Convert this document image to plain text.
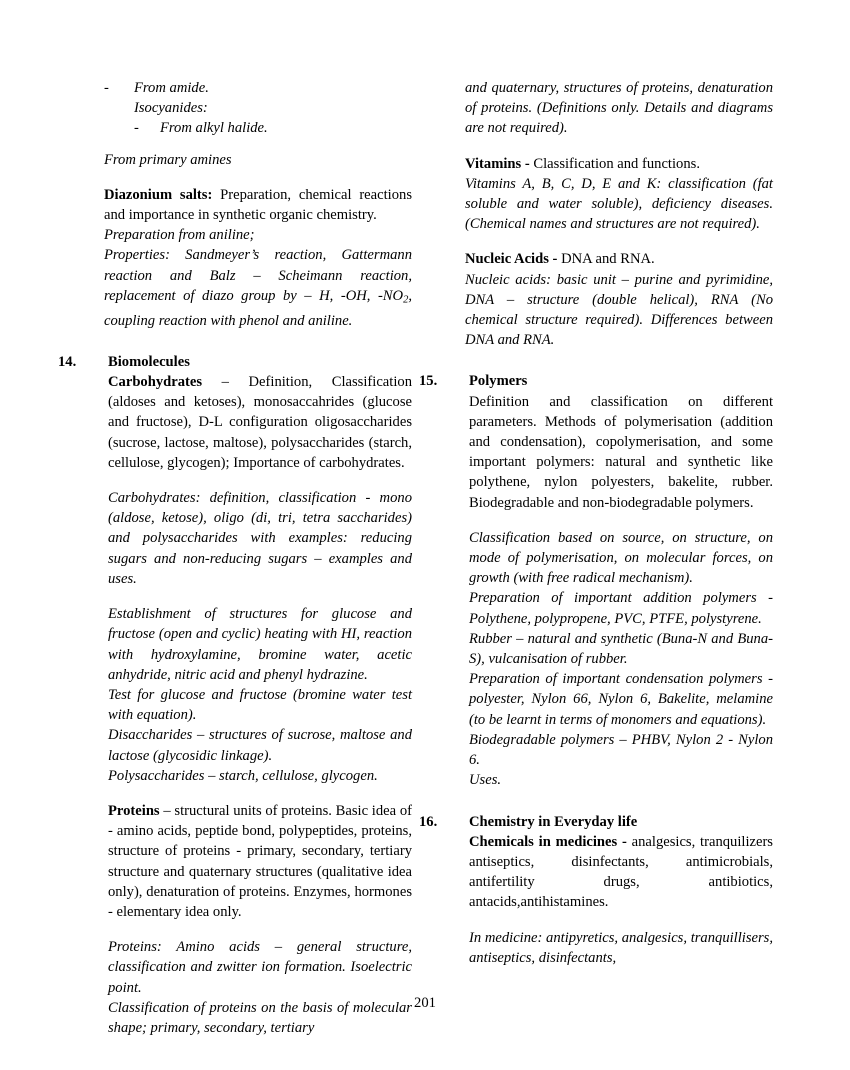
-	From amide.
Isocyanides:
-	From alkyl halide.

From primary amines

Diazonium salts: Preparation, chemical reactions and importance in synthetic organic chemistry.

Preparation from aniline;

Properties: Sandmeyer’s reaction, Gattermann reaction and Balz – Scheimann reaction, replacement of diazo group by – H, -OH, $-NO_2$, coupling reaction with phenol and aniline.

14.	Biomolecules

Carbohydrates – Definition, Classification (aldoses and ketoses), monosaccahrides (glucose and fructose), D-L configuration oligosaccharides (sucrose, lactose, maltose), polysaccharides (starch, cellulose, glycogen); Importance of carbohydrates.

Carbohydrates: definition, classification - mono (aldose, ketose), oligo (di, tri, tetra saccharides) and polysaccharides with examples: reducing sugars and non-reducing sugars – examples and uses.

Establishment of structures for glucose and fructose (open and cyclic) heating with HI, reaction with hydroxylamine, bromine water, acetic anhydride, nitric acid and phenyl hydrazine.

Test for glucose and fructose (bromine water test with equation).

Disaccharides – structures of sucrose, maltose and lactose (glycosidic linkage).

Polysaccharides – starch, cellulose, glycogen.

Proteins – structural units of proteins. Basic idea of - amino acids, peptide bond, polypeptides, proteins, structure of proteins - primary, secondary, tertiary structure and quaternary structures (qualitative idea only), denaturation of proteins. Enzymes, hormones - elementary idea only.

Proteins: Amino acids – general structure, classification and zwitter ion formation. Isoelectric point.

Classification of proteins on the basis of molecular shape; primary, secondary, tertiary

and quaternary, structures of proteins, denaturation of proteins. (Definitions only. Details and diagrams are not required).

Vitamins - Classification and functions.

Vitamins A, B, C, D, E and K: classification (fat soluble and water soluble), deficiency diseases. (Chemical names and structures are not required).

Nucleic Acids - DNA and RNA.

Nucleic acids: basic unit – purine and pyrimidine, DNA – structure (double helical), RNA (No chemical structure required). Differences between DNA and RNA.

15.	Polymers

Definition and classification on different parameters. Methods of polymerisation (addition and condensation), copolymerisation, and some important polymers: natural and synthetic like polythene, nylon polyesters, bakelite, rubber. Biodegradable and non-biodegradable polymers.

Classification based on source, on structure, on mode of polymerisation, on molecular forces, on growth (with free radical mechanism).

Preparation of important addition polymers - Polythene, polypropene, PVC, PTFE, polystyrene.

Rubber – natural and synthetic (Buna-N and Buna-S), vulcanisation of rubber.

Preparation of important condensation polymers - polyester, Nylon 66, Nylon 6, Bakelite, melamine (to be learnt in terms of monomers and equations).

Biodegradable polymers – PHBV, Nylon 2 - Nylon 6.

Uses.

16.	Chemistry in Everyday life

Chemicals in medicines - analgesics, tranquilizers antiseptics, disinfectants, antimicrobials, antifertility drugs, antibiotics, antacids,antihistamines.

In medicine: antipyretics, analgesics, tranquillisers, antiseptics, disinfectants,

201
